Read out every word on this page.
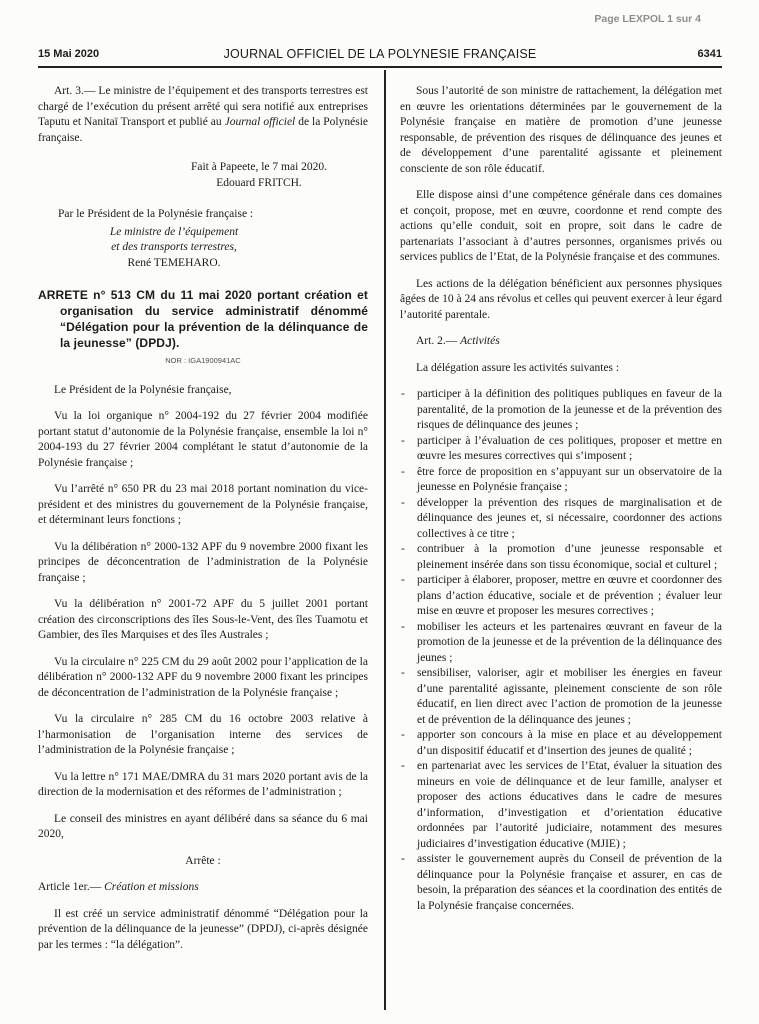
Page LEXPOL 1 sur 4
15 Mai 2020	JOURNAL OFFICIEL DE LA POLYNESIE FRANÇAISE	6341

Art. 3.— Le ministre de l’équipement et des transports terrestres est chargé de l’exécution du présent arrêté qui sera notifié aux entreprises Taputu et Nanitaï Transport et publié au Journal officiel de la Polynésie française.

Fait à Papeete, le 7 mai 2020.
Edouard FRITCH.
Par le Président de la Polynésie française :
Le ministre de l’équipement
et des transports terrestres,
René TEMEHARO.
ARRETE n° 513 CM du 11 mai 2020 portant création et organisation du service administratif dénommé “Délégation pour la prévention de la délinquance de la jeunesse” (DPDJ).
NOR : IGA1900941AC

Le Président de la Polynésie française,

Vu la loi organique n° 2004-192 du 27 février 2004 modifiée portant statut d’autonomie de la Polynésie française, ensemble la loi n° 2004-193 du 27 février 2004 complétant le statut d’autonomie de la Polynésie française ;

Vu l’arrêté n° 650 PR du 23 mai 2018 portant nomination du vice-président et des ministres du gouvernement de la Polynésie française, et déterminant leurs fonctions ;

Vu la délibération n° 2000-132 APF du 9 novembre 2000 fixant les principes de déconcentration de l’administration de la Polynésie française ;

Vu la délibération n° 2001-72 APF du 5 juillet 2001 portant création des circonscriptions des îles Sous-le-Vent, des îles Tuamotu et Gambier, des îles Marquises et des îles Australes ;

Vu la circulaire n° 225 CM du 29 août 2002 pour l’application de la délibération n° 2000-132 APF du 9 novembre 2000 fixant les principes de déconcentration de l’administration de la Polynésie française ;

Vu la circulaire n° 285 CM du 16 octobre 2003 relative à l’harmonisation de l’organisation interne des services de l’administration de la Polynésie française ;

Vu la lettre n° 171 MAE/DMRA du 31 mars 2020 portant avis de la direction de la modernisation et des réformes de l’administration ;

Le conseil des ministres en ayant délibéré dans sa séance du 6 mai 2020,

Arrête :

Article 1er.— Création et missions

Il est créé un service administratif dénommé “Délégation pour la prévention de la délinquance de la jeunesse” (DPDJ), ci-après désignée par les termes : “la délégation”.

Sous l’autorité de son ministre de rattachement, la délégation met en œuvre les orientations déterminées par le gouvernement de la Polynésie française en matière de promotion d’une jeunesse responsable, de prévention des risques de délinquance des jeunes et de développement d’une parentalité agissante et pleinement consciente de son rôle éducatif.

Elle dispose ainsi d’une compétence générale dans ces domaines et conçoit, propose, met en œuvre, coordonne et rend compte des actions qu’elle conduit, soit en propre, soit dans le cadre de partenariats l’associant à d’autres personnes, organismes privés ou services publics de l’Etat, de la Polynésie française et des communes.

Les actions de la délégation bénéficient aux personnes physiques âgées de 10 à 24 ans révolus et celles qui peuvent exercer à leur égard l’autorité parentale.

Art. 2.— Activités

La délégation assure les activités suivantes :

-	participer à la définition des politiques publiques en faveur de la parentalité, de la promotion de la jeunesse et de la prévention des risques de délinquance des jeunes ;
-	participer à l’évaluation de ces politiques, proposer et mettre en œuvre les mesures correctives qui s’imposent ;
-	être force de proposition en s’appuyant sur un observatoire de la jeunesse en Polynésie française ;
-	développer la prévention des risques de marginalisation et de délinquance des jeunes et, si nécessaire, coordonner des actions collectives à ce titre ;
-	contribuer à la promotion d’une jeunesse responsable et pleinement insérée dans son tissu économique, social et culturel ;
-	participer à élaborer, proposer, mettre en œuvre et coordonner des plans d’action éducative, sociale et de prévention ; évaluer leur mise en œuvre et proposer les mesures correctives ;
-	mobiliser les acteurs et les partenaires œuvrant en faveur de la promotion de la jeunesse et de la prévention de la délinquance des jeunes ;
-	sensibiliser, valoriser, agir et mobiliser les énergies en faveur d’une parentalité agissante, pleinement consciente de son rôle éducatif, en lien direct avec l’action de promotion de la jeunesse et de prévention de la délinquance des jeunes ;
-	apporter son concours à la mise en place et au développement d’un dispositif éducatif et d’insertion des jeunes de qualité ;
-	en partenariat avec les services de l’Etat, évaluer la situation des mineurs en voie de délinquance et de leur famille, analyser et proposer des actions éducatives dans le cadre de mesures d’information, d’investigation et d’orientation éducative ordonnées par l’autorité judiciaire, notamment des mesures judiciaires d’investigation éducative (MJIE) ;
-	assister le gouvernement auprès du Conseil de prévention de la délinquance pour la Polynésie française et assurer, en cas de besoin, la préparation des séances et la coordination des entités de la Polynésie française concernées.
